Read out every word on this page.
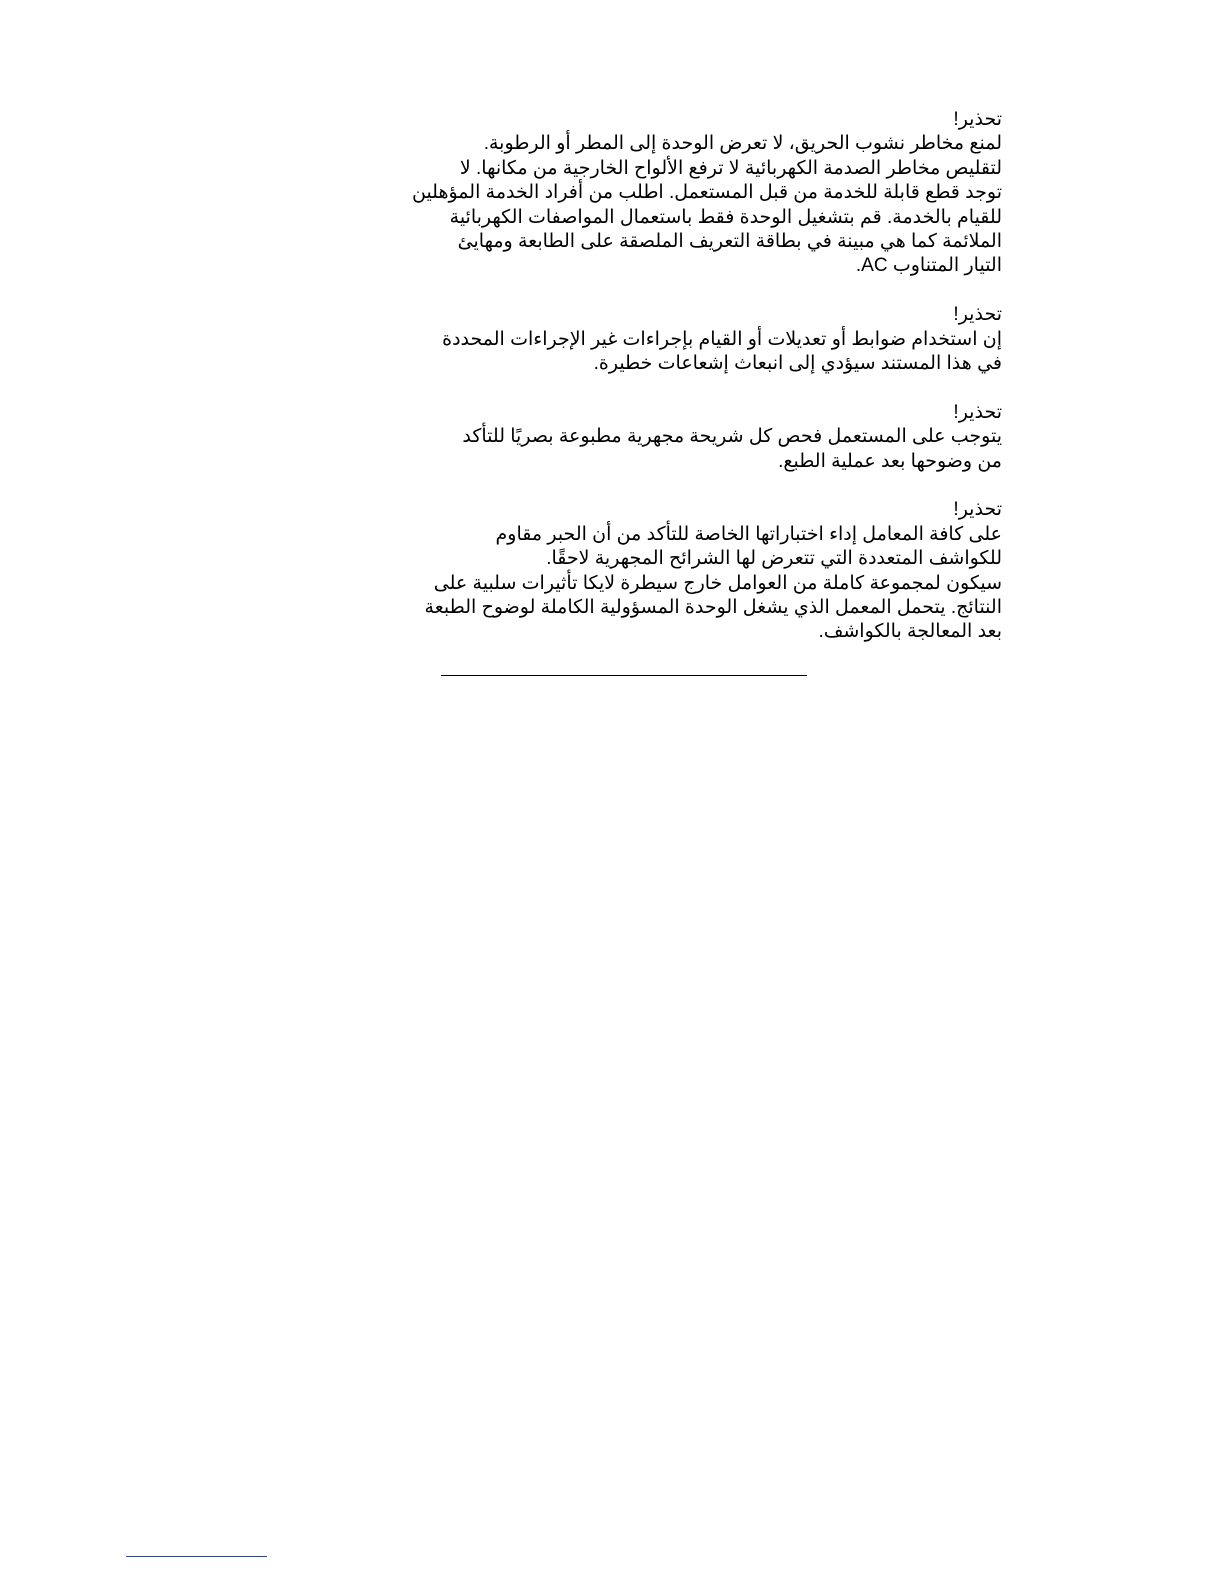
تحذير!
لمنع مخاطر نشوب الحريق، لا تعرض الوحدة إلى المطر أو الرطوبة.
لتقليص مخاطر الصدمة الكهربائية لا ترفع الألواح الخارجية من مكانها. لا
توجد قطع قابلة للخدمة من قبل المستعمل. اطلب من أفراد الخدمة المؤهلين
للقيام بالخدمة. قم بتشغيل الوحدة فقط باستعمال المواصفات الكهربائية
الملائمة كما هي مبينة في بطاقة التعريف الملصقة على الطابعة ومهايئ
التيار المتناوب AC.
تحذير!
إن استخدام ضوابط أو تعديلات أو القيام بإجراءات غير الإجراءات المحددة
في هذا المستند سيؤدي إلى انبعاث إشعاعات خطيرة.
تحذير!
يتوجب على المستعمل فحص كل شريحة مجهرية مطبوعة بصريًا للتأكد
من وضوحها بعد عملية الطبع.
تحذير!
على كافة المعامل إداء اختباراتها الخاصة للتأكد من أن الحبر مقاوم
للكواشف المتعددة التي تتعرض لها الشرائح المجهرية لاحقًا.
سيكون لمجموعة كاملة من العوامل خارج سيطرة لايكا تأثيرات سلبية على
النتائج. يتحمل المعمل الذي يشغل الوحدة المسؤولية الكاملة لوضوح الطبعة
بعد المعالجة بالكواشف.
